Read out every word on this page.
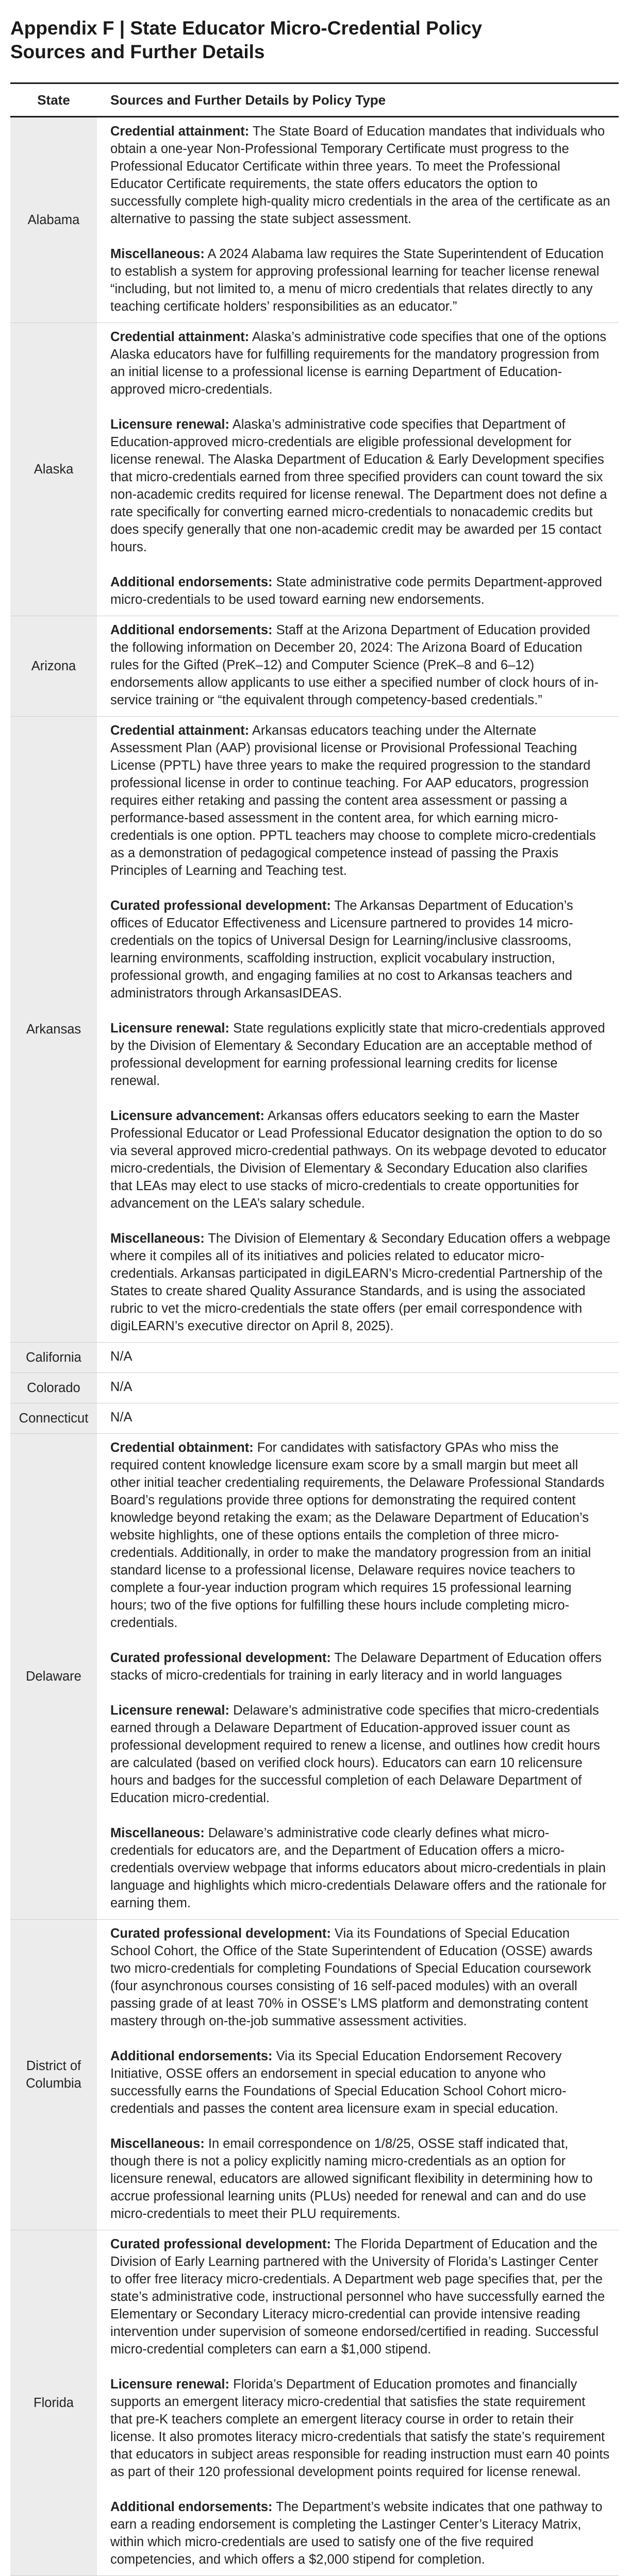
Appendix F | State Educator Micro-Credential Policy Sources and Further Details
State	Sources and Further Details by Policy Type
Alabama	Credential attainment: The State Board of Education mandates that individuals who obtain a one-year Non-Professional Temporary Certificate must progress to the Professional Educator Certificate within three years. To meet the Professional Educator Certificate requirements, the state offers educators the option to successfully complete high-quality micro credentials in the area of the certificate as an alternative to passing the state subject assessment.

Miscellaneous: A 2024 Alabama law requires the State Superintendent of Education to establish a system for approving professional learning for teacher license renewal “including, but not limited to, a menu of micro credentials that relates directly to any teaching certificate holders’ responsibilities as an educator.”

Alaska	Credential attainment: Alaska’s administrative code specifies that one of the options Alaska educators have for fulfilling requirements for the mandatory progression from an initial license to a professional license is earning Department of Education-approved micro-credentials.

Licensure renewal: Alaska’s administrative code specifies that Department of Education-approved micro-credentials are eligible professional development for license renewal. The Alaska Department of Education & Early Development specifies that micro-credentials earned from three specified providers can count toward the six non-academic credits required for license renewal. The Department does not define a rate specifically for converting earned micro-credentials to nonacademic credits but does specify generally that one non-academic credit may be awarded per 15 contact hours.

Additional endorsements: State administrative code permits Department-approved micro-credentials to be used toward earning new endorsements.

Arizona	Additional endorsements: Staff at the Arizona Department of Education provided the following information on December 20, 2024: The Arizona Board of Education rules for the Gifted (PreK–12) and Computer Science (PreK–8 and 6–12) endorsements allow applicants to use either a specified number of clock hours of in-service training or “the equivalent through competency-based credentials.”

Arkansas	Credential attainment: Arkansas educators teaching under the Alternate Assessment Plan (AAP) provisional license or Provisional Professional Teaching License (PPTL) have three years to make the required progression to the standard professional license in order to continue teaching. For AAP educators, progression requires either retaking and passing the content area assessment or passing a performance-based assessment in the content area, for which earning micro-credentials is one option. PPTL teachers may choose to complete micro-credentials as a demonstration of pedagogical competence instead of passing the Praxis Principles of Learning and Teaching test.

Curated professional development: The Arkansas Department of Education’s offices of Educator Effectiveness and Licensure partnered to provides 14 micro-credentials on the topics of Universal Design for Learning/inclusive classrooms, learning environments, scaffolding instruction, explicit vocabulary instruction, professional growth, and engaging families at no cost to Arkansas teachers and administrators through ArkansasIDEAS.

Licensure renewal: State regulations explicitly state that micro-credentials approved by the Division of Elementary & Secondary Education are an acceptable method of professional development for earning professional learning credits for license renewal.

Licensure advancement: Arkansas offers educators seeking to earn the Master Professional Educator or Lead Professional Educator designation the option to do so via several approved micro-credential pathways. On its webpage devoted to educator micro-credentials, the Division of Elementary & Secondary Education also clarifies that LEAs may elect to use stacks of micro-credentials to create opportunities for advancement on the LEA’s salary schedule.

Miscellaneous: The Division of Elementary & Secondary Education offers a webpage where it compiles all of its initiatives and policies related to educator micro-credentials. Arkansas participated in digiLEARN’s Micro-credential Partnership of the States to create shared Quality Assurance Standards, and is using the associated rubric to vet the micro-credentials the state offers (per email correspondence with digiLEARN’s executive director on April 8, 2025).

California	N/A

Colorado	N/A

Connecticut	N/A

Delaware	Credential obtainment: For candidates with satisfactory GPAs who miss the required content knowledge licensure exam score by a small margin but meet all other initial teacher credentialing requirements, the Delaware Professional Standards Board’s regulations provide three options for demonstrating the required content knowledge beyond retaking the exam; as the Delaware Department of Education’s website highlights, one of these options entails the completion of three micro-credentials. Additionally, in order to make the mandatory progression from an initial standard license to a professional license, Delaware requires novice teachers to complete a four-year induction program which requires 15 professional learning hours; two of the five options for fulfilling these hours include completing micro-credentials.

Curated professional development: The Delaware Department of Education offers stacks of micro-credentials for training in early literacy and in world languages

Licensure renewal: Delaware’s administrative code specifies that micro-credentials earned through a Delaware Department of Education-approved issuer count as professional development required to renew a license, and outlines how credit hours are calculated (based on verified clock hours). Educators can earn 10 relicensure hours and badges for the successful completion of each Delaware Department of Education micro-credential.

Miscellaneous: Delaware’s administrative code clearly defines what micro-credentials for educators are, and the Department of Education offers a micro-credentials overview webpage that informs educators about micro-credentials in plain language and highlights which micro-credentials Delaware offers and the rationale for earning them.

District of Columbia	Curated professional development: Via its Foundations of Special Education School Cohort, the Office of the State Superintendent of Education (OSSE) awards two micro-credentials for completing Foundations of Special Education coursework (four asynchronous courses consisting of 16 self-paced modules) with an overall passing grade of at least 70% in OSSE’s LMS platform and demonstrating content mastery through on-the-job summative assessment activities.

Additional endorsements: Via its Special Education Endorsement Recovery Initiative, OSSE offers an endorsement in special education to anyone who successfully earns the Foundations of Special Education School Cohort micro-credentials and passes the content area licensure exam in special education.

Miscellaneous: In email correspondence on 1/8/25, OSSE staff indicated that, though there is not a policy explicitly naming micro-credentials as an option for licensure renewal, educators are allowed significant flexibility in determining how to accrue professional learning units (PLUs) needed for renewal and can and do use micro-credentials to meet their PLU requirements.

Florida	Curated professional development: The Florida Department of Education and the Division of Early Learning partnered with the University of Florida’s Lastinger Center to offer free literacy micro-credentials. A Department web page specifies that, per the state’s administrative code, instructional personnel who have successfully earned the Elementary or Secondary Literacy micro-credential can provide intensive reading intervention under supervision of someone endorsed/certified in reading. Successful micro-credential completers can earn a $1,000 stipend.

Licensure renewal: Florida’s Department of Education promotes and financially supports an emergent literacy micro-credential that satisfies the state requirement that pre-K teachers complete an emergent literacy course in order to retain their license. It also promotes literacy micro-credentials that satisfy the state’s requirement that educators in subject areas responsible for reading instruction must earn 40 points as part of their 120 professional development points required for license renewal.

Additional endorsements: The Department’s website indicates that one pathway to earn a reading endorsement is completing the Lastinger Center’s Literacy Matrix, within which micro-credentials are used to satisfy one of the five required competencies, and which offers a $2,000 stipend for completion.
